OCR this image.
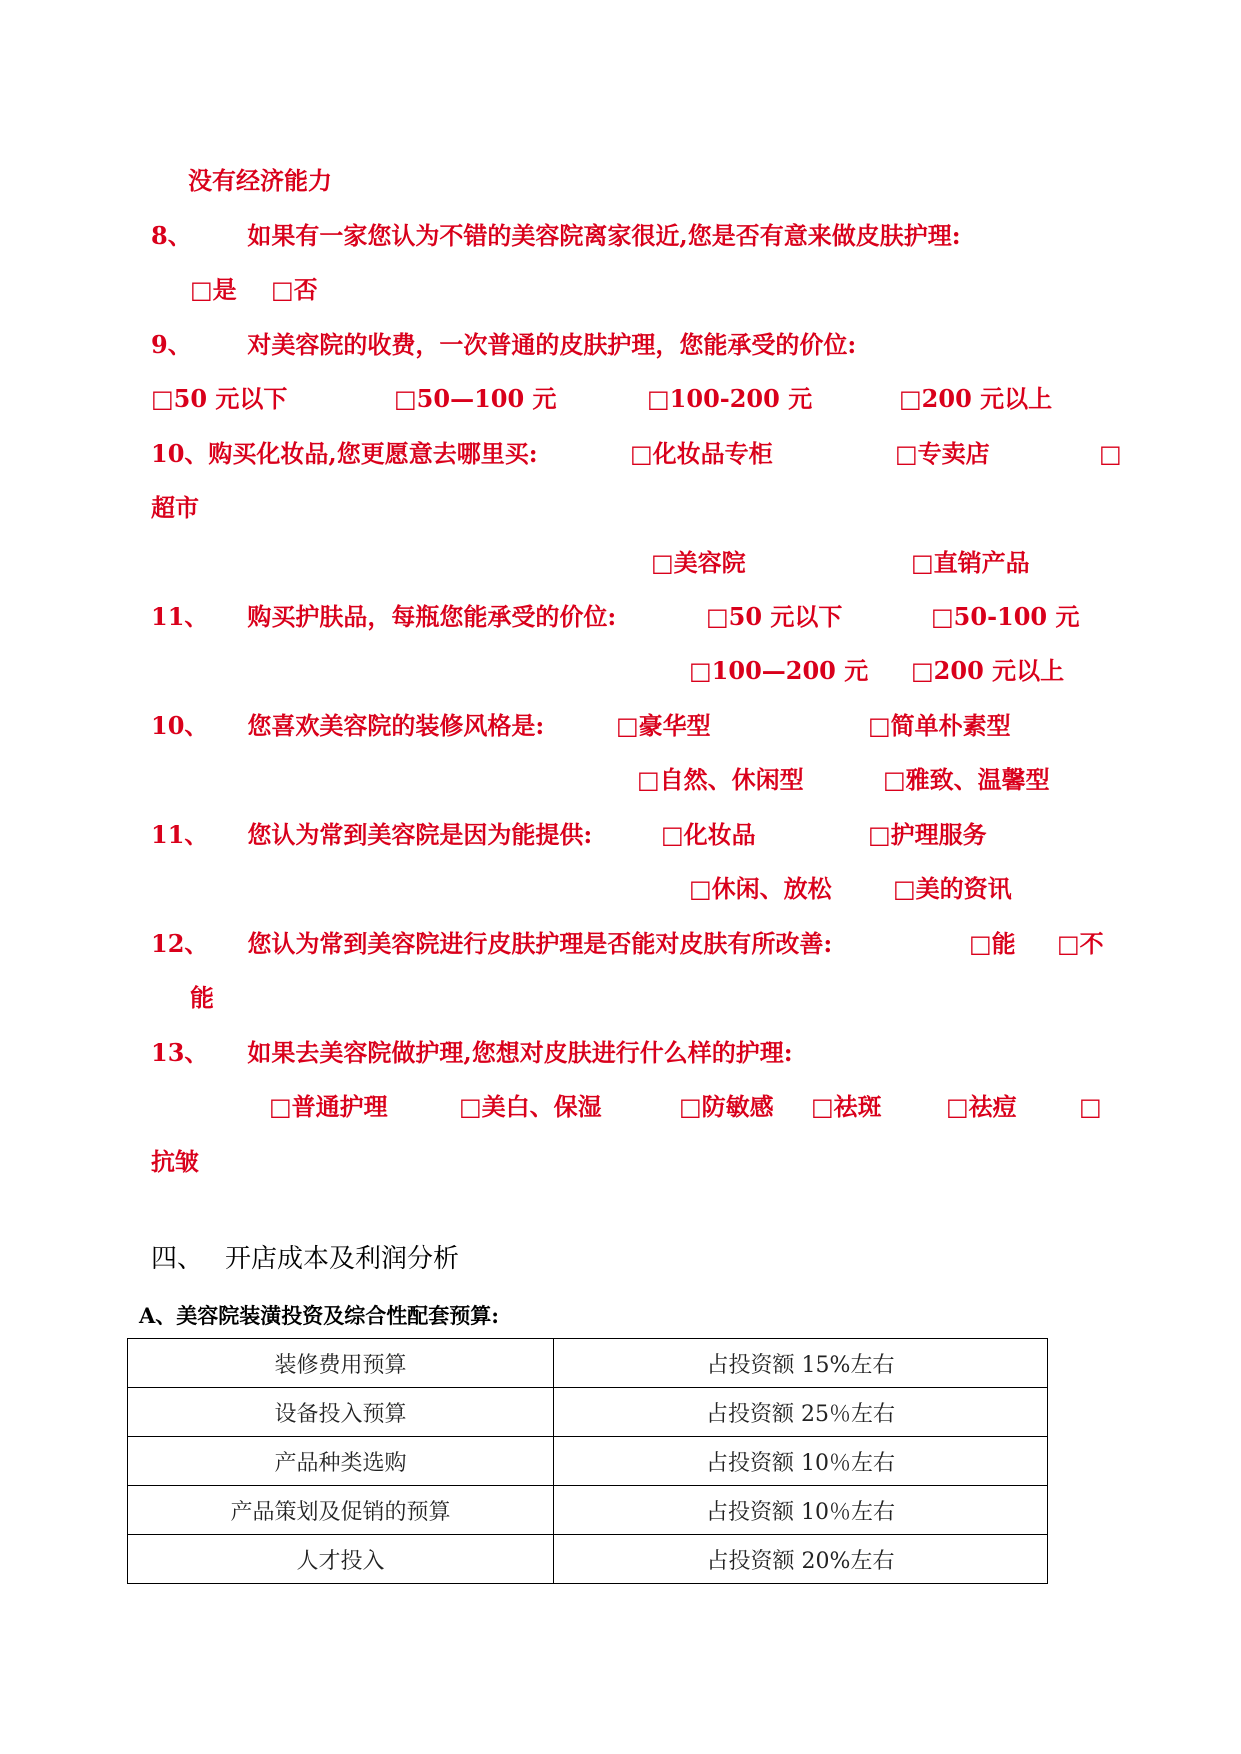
没有经济能力
8、 如果有一家您认为不错的美容院离家很近,您是否有意来做皮肤护理:
□是 □否
9、 对美容院的收费，一次普通的皮肤护理，您能承受的价位:
□50 元以下	□50—100 元	□100-200 元	□200 元以上
10、购买化妆品,您更愿意去哪里买:	□化妆品专柜	□专卖店	□
超市
□美容院	□直销产品
11、 购买护肤品，每瓶您能承受的价位:	□50 元以下	□50-100 元
□100—200 元 □200 元以上
10、 您喜欢美容院的装修风格是:	□豪华型	□简单朴素型
□自然、休闲型	□雅致、温馨型
11、 您认为常到美容院是因为能提供:	□化妆品	□护理服务
□休闲、放松	□美的资讯
12、 您认为常到美容院进行皮肤护理是否能对皮肤有所改善:	□能 □不
能
13、 如果去美容院做护理,您想对皮肤进行什么样的护理:
□普通护理	□美白、保湿	□防敏感 □祛斑	□祛痘	□
抗皱
四、 开店成本及利润分析
A、美容院装潢投资及综合性配套预算:
装修费用预算	占投资额 15%左右
设备投入预算	占投资额 25％左右
产品种类选购	占投资额 10％左右
产品策划及促销的预算	占投资额 10％左右
人才投入	占投资额 20%左右
